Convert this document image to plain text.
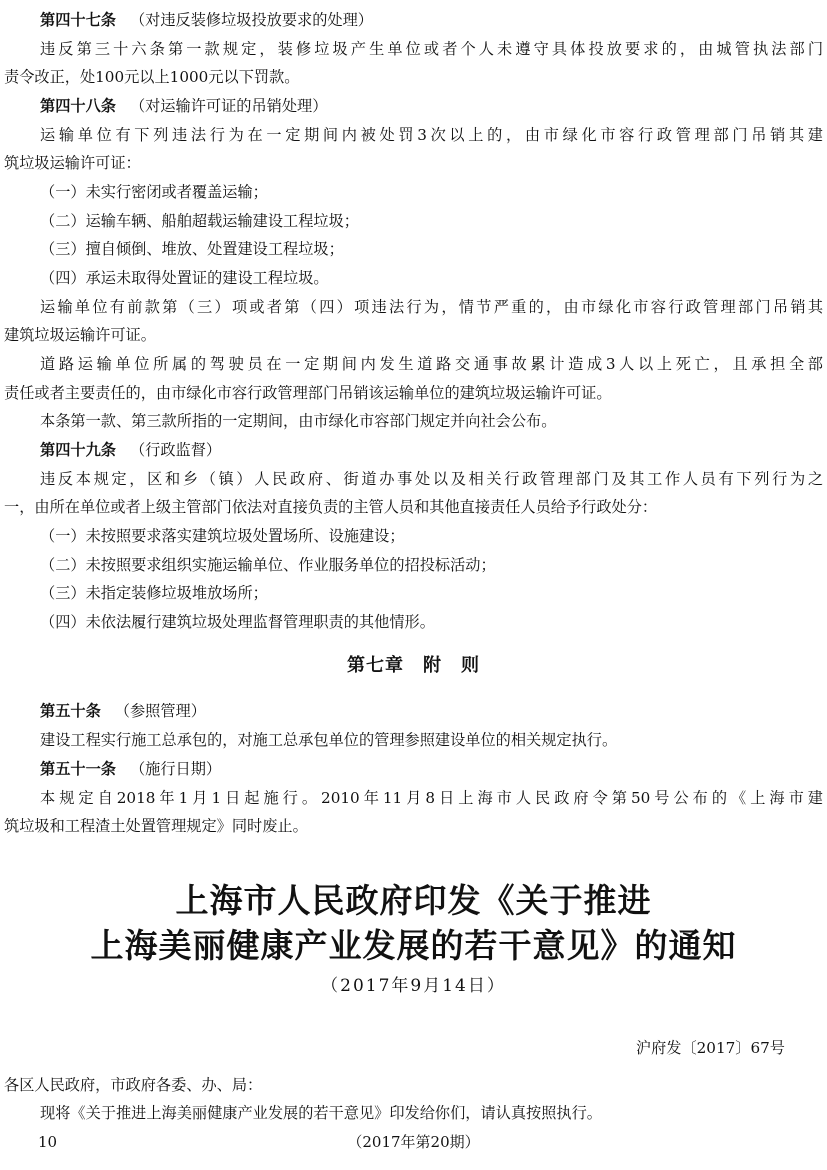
第四十七条 （对违反装修垃圾投放要求的处理）
违反第三十六条第一款规定，装修垃圾产生单位或者个人未遵守具体投放要求的，由城管执法部门
责令改正，处100元以上1000元以下罚款。
第四十八条 （对运输许可证的吊销处理）
运输单位有下列违法行为在一定期间内被处罚3次以上的，由市绿化市容行政管理部门吊销其建
筑垃圾运输许可证：
（一）未实行密闭或者覆盖运输；
（二）运输车辆、船舶超载运输建设工程垃圾；
（三）擅自倾倒、堆放、处置建设工程垃圾；
（四）承运未取得处置证的建设工程垃圾。
运输单位有前款第（三）项或者第（四）项违法行为，情节严重的，由市绿化市容行政管理部门吊销其
建筑垃圾运输许可证。
道路运输单位所属的驾驶员在一定期间内发生道路交通事故累计造成3人以上死亡，且承担全部
责任或者主要责任的，由市绿化市容行政管理部门吊销该运输单位的建筑垃圾运输许可证。
本条第一款、第三款所指的一定期间，由市绿化市容部门规定并向社会公布。
第四十九条 （行政监督）
违反本规定，区和乡（镇）人民政府、街道办事处以及相关行政管理部门及其工作人员有下列行为之
一，由所在单位或者上级主管部门依法对直接负责的主管人员和其他直接责任人员给予行政处分：
（一）未按照要求落实建筑垃圾处置场所、设施建设；
（二）未按照要求组织实施运输单位、作业服务单位的招投标活动；
（三）未指定装修垃圾堆放场所；
（四）未依法履行建筑垃圾处理监督管理职责的其他情形。
第七章　附　则
第五十条 （参照管理）
建设工程实行施工总承包的，对施工总承包单位的管理参照建设单位的相关规定执行。
第五十一条 （施行日期）
本规定自2018年1月1日起施行。2010年11月8日上海市人民政府令第50号公布的《上海市建
筑垃圾和工程渣土处置管理规定》同时废止。
上海市人民政府印发《关于推进
上海美丽健康产业发展的若干意见》的通知
（2017年9月14日）
沪府发〔2017〕67号
各区人民政府，市政府各委、办、局：
现将《关于推进上海美丽健康产业发展的若干意见》印发给你们，请认真按照执行。
10	（2017年第20期）
